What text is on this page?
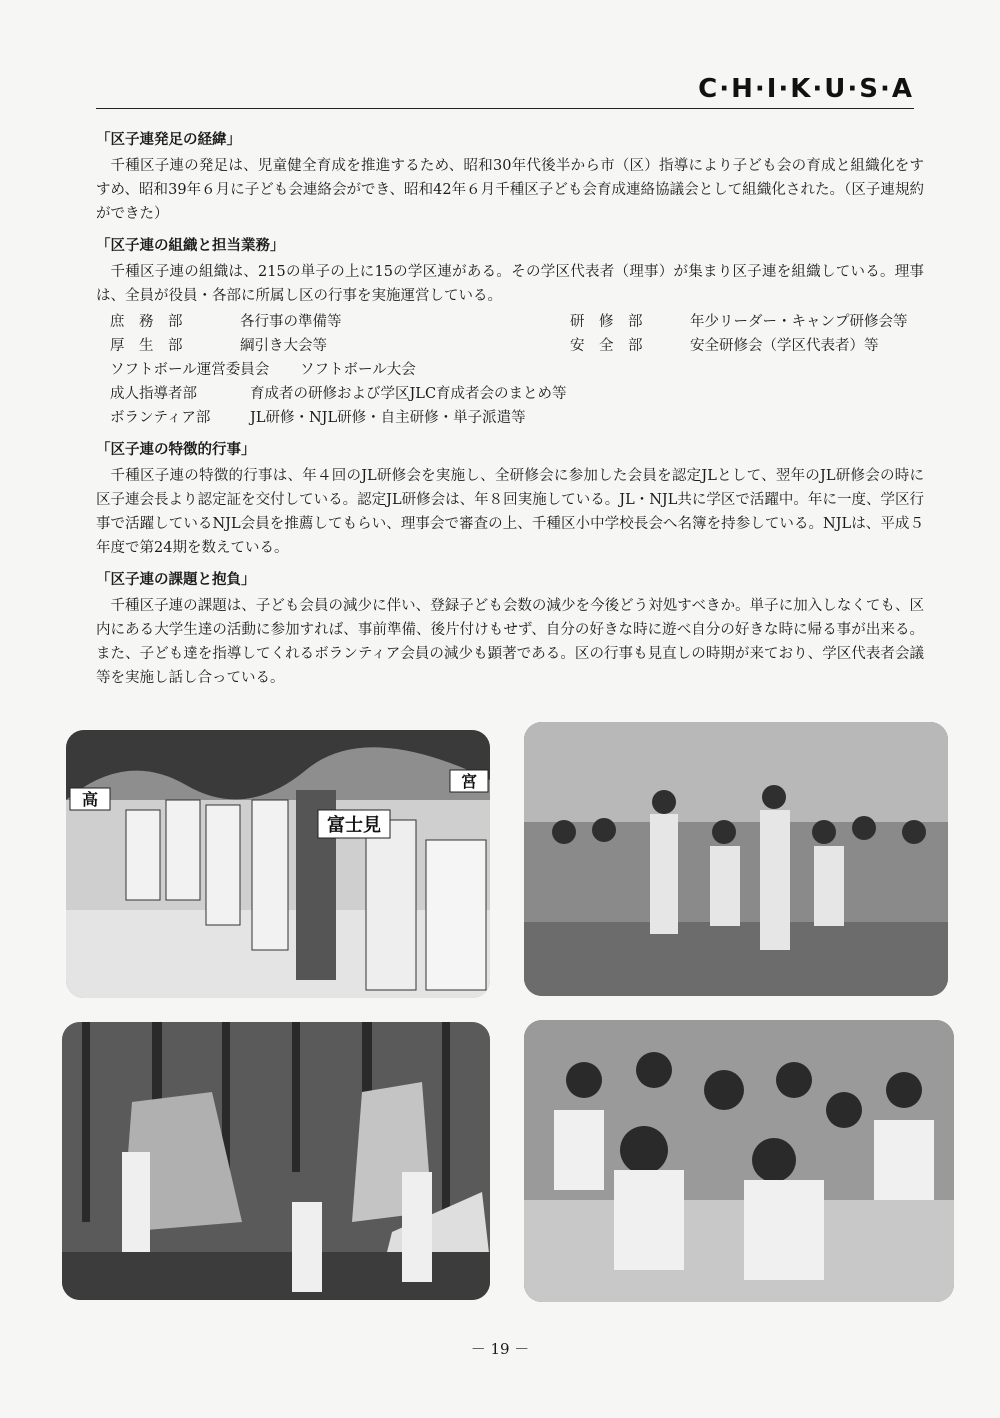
C·H·I·K·U·S·A
「区子連発足の経緯」

千種区子連の発足は、児童健全育成を推進するため、昭和30年代後半から市（区）指導により子ども会の育成と組織化をすすめ、昭和39年６月に子ども会連絡会ができ、昭和42年６月千種区子ども会育成連絡協議会として組織化された。（区子連規約ができた）

「区子連の組織と担当業務」

千種区子連の組織は、215の単子の上に15の学区連がある。その学区代表者（理事）が集まり区子連を組織している。理事は、全員が役員・各部に所属し区の行事を実施運営している。

庶　務　部	各行事の準備等	研　修　部	年少リーダー・キャンプ研修会等
厚　生　部	綱引き大会等	安　全　部	安全研修会（学区代表者）等
ソフトボール運営委員会	ソフトボール大会
成人指導者部	育成者の研修および学区JLC育成者会のまとめ等
ボランティア部	JL研修・NJL研修・自主研修・単子派遣等
「区子連の特徴的行事」

千種区子連の特徴的行事は、年４回のJL研修会を実施し、全研修会に参加した会員を認定JLとして、翌年のJL研修会の時に区子連会長より認定証を交付している。認定JL研修会は、年８回実施している。JL・NJL共に学区で活躍中。年に一度、学区行事で活躍しているNJL会員を推薦してもらい、理事会で審査の上、千種区小中学校長会へ名簿を持参している。NJLは、平成５年度で第24期を数えている。

「区子連の課題と抱負」

千種区子連の課題は、子ども会員の減少に伴い、登録子ども会数の減少を今後どう対処すべきか。単子に加入しなくても、区内にある大学生達の活動に参加すれば、事前準備、後片付けもせず、自分の好きな時に遊べ自分の好きな時に帰る事が出来る。また、子ども達を指導してくれるボランティア会員の減少も顕著である。区の行事も見直しの時期が来ており、学区代表者会議等を実施し話し合っている。

高
富士見
宮
－ 19 －
